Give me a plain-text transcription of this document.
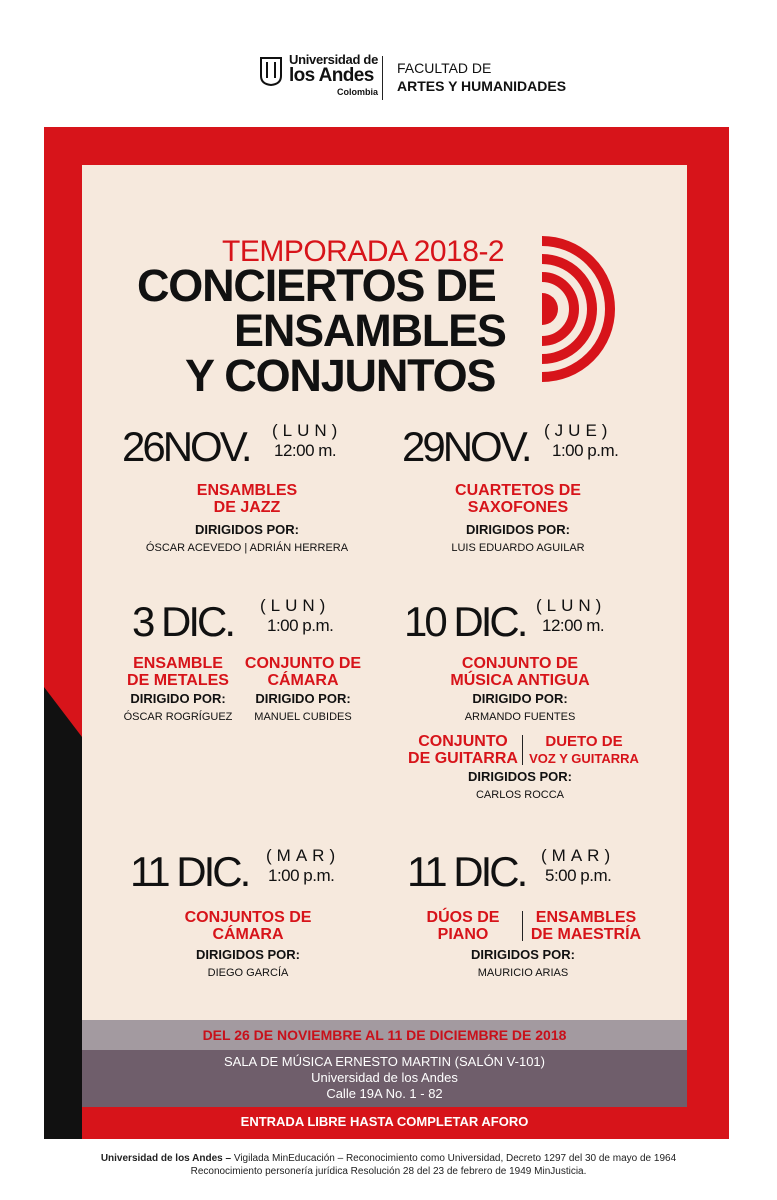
Universidad de
los Andes
Colombia
FACULTAD DE
ARTES Y HUMANIDADES
TEMPORADA 2018-2
CONCIERTOS DE
ENSAMBLES
Y CONJUNTOS
26NOV. (LUN)
12:00 m.
ENSAMBLES
DE JAZZ
DIRIGIDOS POR:
ÓSCAR ACEVEDO | ADRIÁN HERRERA
29NOV. (JUE)
1:00 p.m.
CUARTETOS DE
SAXOFONES
DIRIGIDOS POR:
LUIS EDUARDO AGUILAR
3 DIC. (LUN)
1:00 p.m.
ENSAMBLE
DE METALES
DIRIGIDO POR:
ÓSCAR ROGRÍGUEZ
CONJUNTO DE
CÁMARA
DIRIGIDO POR:
MANUEL CUBIDES
10 DIC. (LUN)
12:00 m.
CONJUNTO DE
MÚSICA ANTIGUA
DIRIGIDO POR:
ARMANDO FUENTES
CONJUNTO
DE GUITARRA
DUETO DE
VOZ Y GUITARRA
DIRIGIDOS POR:
CARLOS ROCCA
11 DIC. (MAR)
1:00 p.m.
CONJUNTOS DE
CÁMARA
DIRIGIDOS POR:
DIEGO GARCÍA
11 DIC. (MAR)
5:00 p.m.
DÚOS DE
PIANO
ENSAMBLES
DE MAESTRÍA
DIRIGIDOS POR:
MAURICIO ARIAS
DEL 26 DE NOVIEMBRE AL 11 DE DICIEMBRE DE 2018
SALA DE MÚSICA ERNESTO MARTIN (SALÓN V-101)
Universidad de los Andes
Calle 19A No. 1 - 82
ENTRADA LIBRE HASTA COMPLETAR AFORO
Universidad de los Andes – Vigilada MinEducación – Reconocimiento como Universidad, Decreto 1297 del 30 de mayo de 1964
Reconocimiento personería jurídica Resolución 28 del 23 de febrero de 1949 MinJusticia.
